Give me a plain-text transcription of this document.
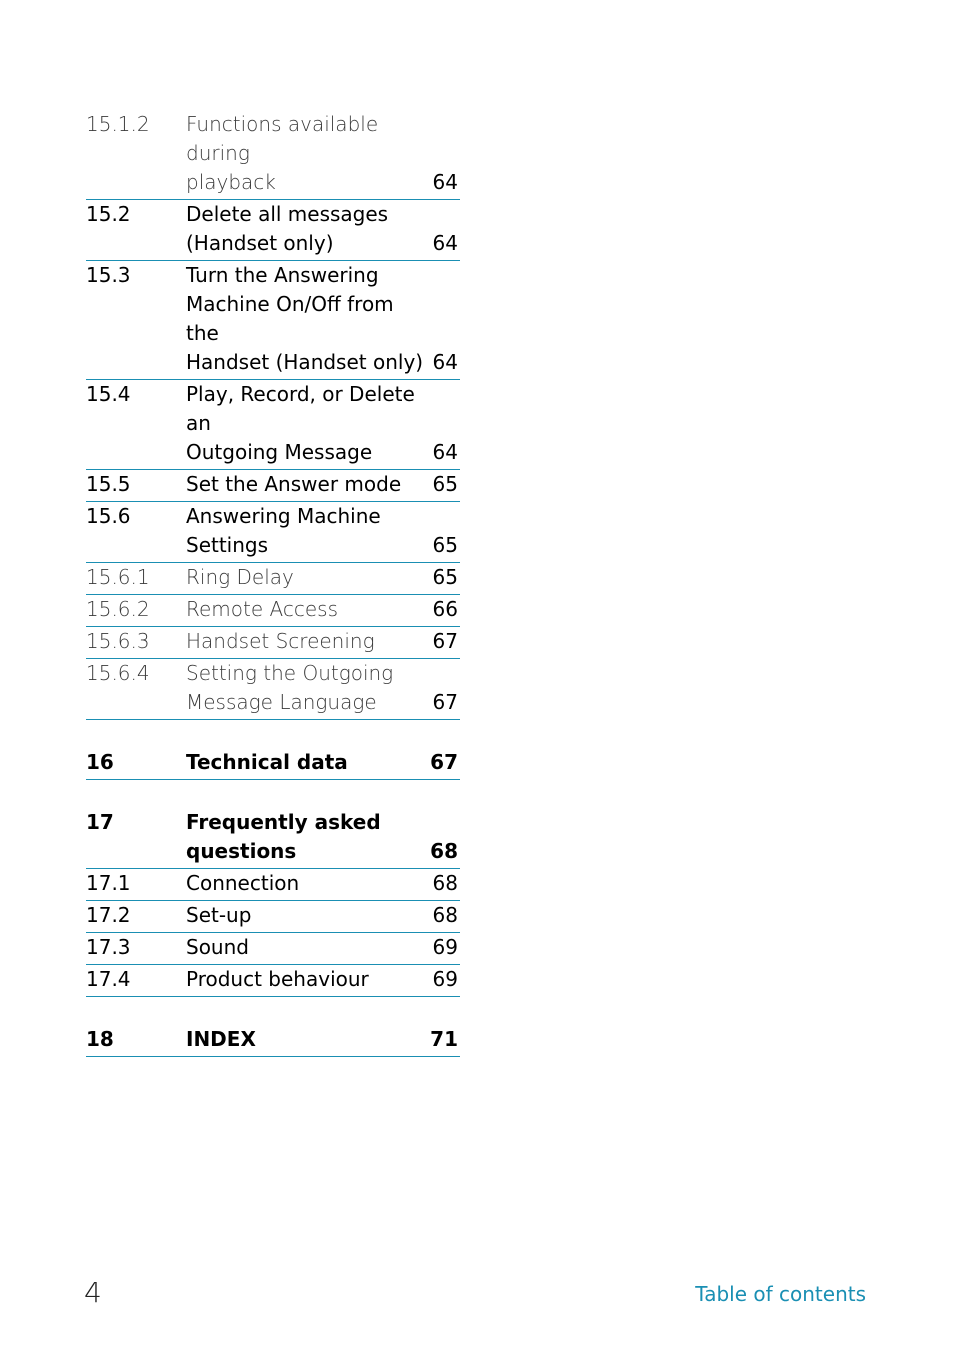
15.1.2	Functions available during
playback	64
15.2	Delete all messages
(Handset only)	64
15.3	Turn the Answering
Machine On/Off from the
Handset (Handset only) 64
15.4	Play, Record, or Delete an
Outgoing Message	64
15.5	Set the Answer mode	65
15.6	Answering Machine
Settings	65
15.6.1	Ring Delay	65
15.6.2	Remote Access	66
15.6.3	Handset Screening	67
15.6.4	Setting the Outgoing
Message Language	67
16	Technical data	67
17	Frequently asked
questions	68
17.1	Connection	68
17.2	Set-up	68
17.3	Sound	69
17.4	Product behaviour	69
18	INDEX	71
4	Table of contents
